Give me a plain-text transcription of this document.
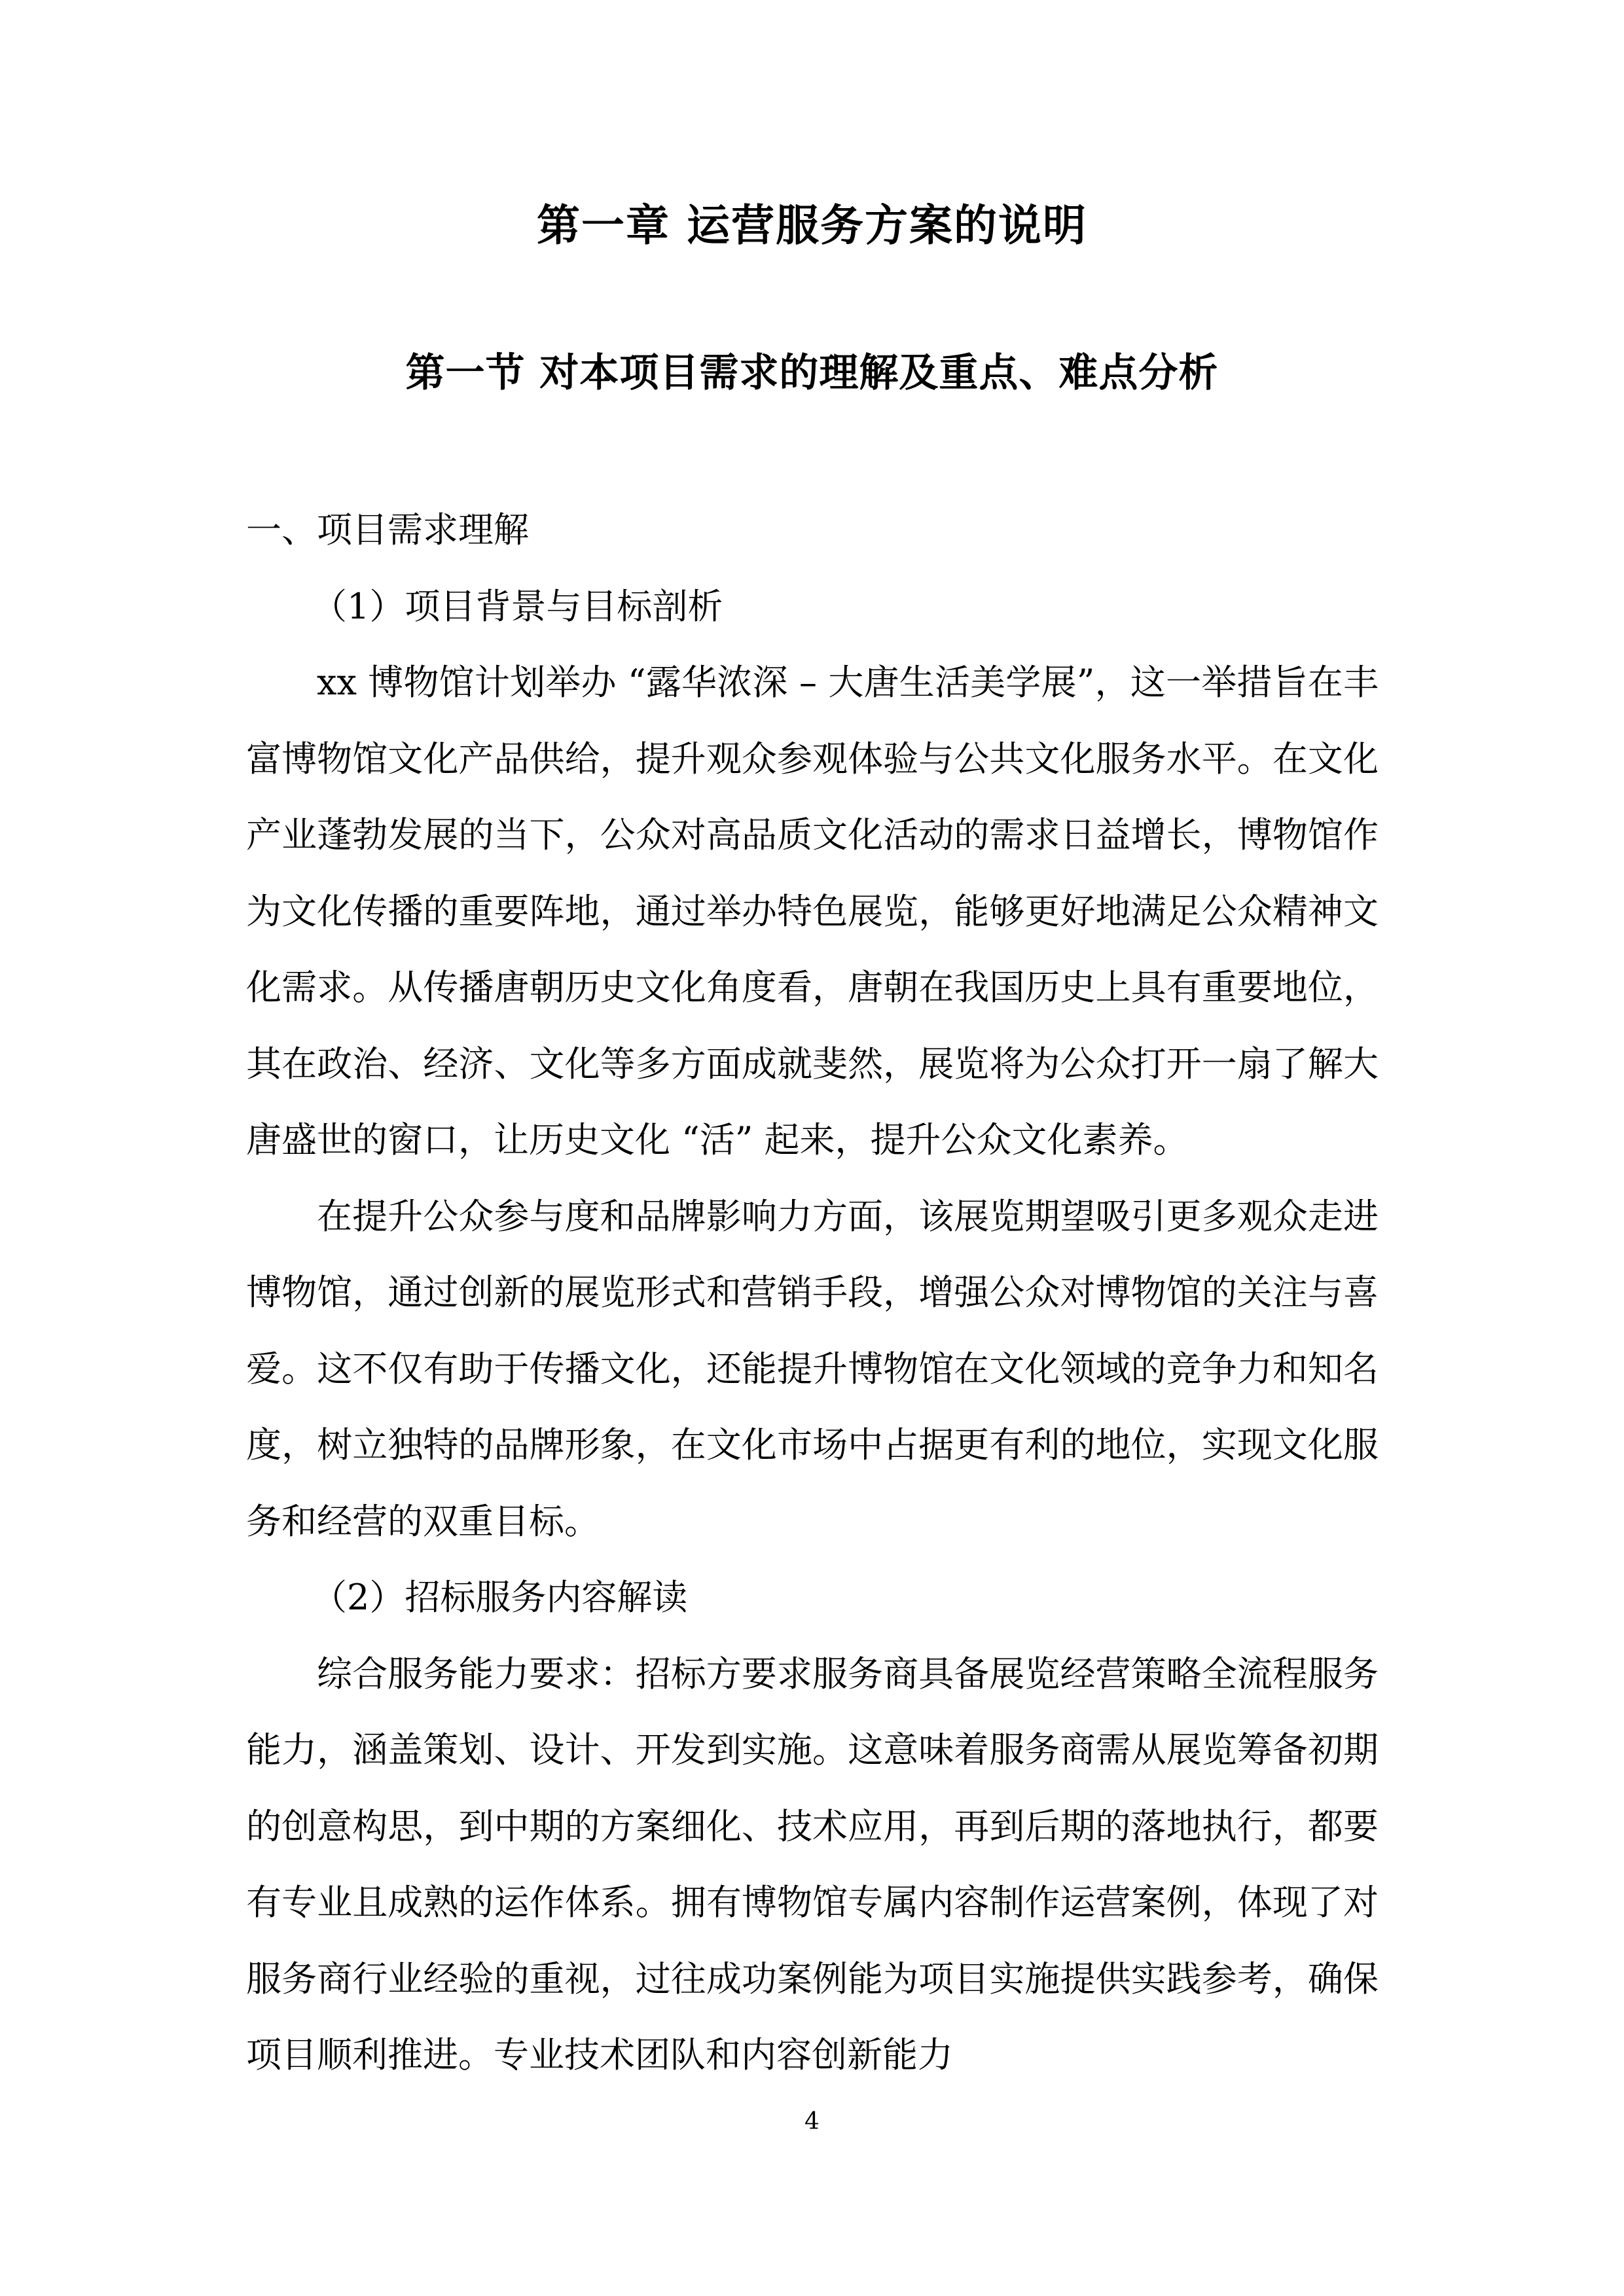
第一章 运营服务方案的说明
第一节 对本项目需求的理解及重点、难点分析

一、项目需求理解

（1）项目背景与目标剖析

xx 博物馆计划举办 “露华浓深 – 大唐生活美学展”，这一举措旨在丰富博物馆文化产品供给，提升观众参观体验与公共文化服务水平。在文化产业蓬勃发展的当下，公众对高品质文化活动的需求日益增长，博物馆作为文化传播的重要阵地，通过举办特色展览，能够更好地满足公众精神文化需求。从传播唐朝历史文化角度看，唐朝在我国历史上具有重要地位，其在政治、经济、文化等多方面成就斐然，展览将为公众打开一扇了解大唐盛世的窗口，让历史文化 “活” 起来，提升公众文化素养。

在提升公众参与度和品牌影响力方面，该展览期望吸引更多观众走进博物馆，通过创新的展览形式和营销手段，增强公众对博物馆的关注与喜爱。这不仅有助于传播文化，还能提升博物馆在文化领域的竞争力和知名度，树立独特的品牌形象，在文化市场中占据更有利的地位，实现文化服务和经营的双重目标。

（2）招标服务内容解读

综合服务能力要求：招标方要求服务商具备展览经营策略全流程服务能力，涵盖策划、设计、开发到实施。这意味着服务商需从展览筹备初期的创意构思，到中期的方案细化、技术应用，再到后期的落地执行，都要有专业且成熟的运作体系。拥有博物馆专属内容制作运营案例，体现了对服务商行业经验的重视，过往成功案例能为项目实施提供实践参考，确保项目顺利推进。专业技术团队和内容创新能力

4
